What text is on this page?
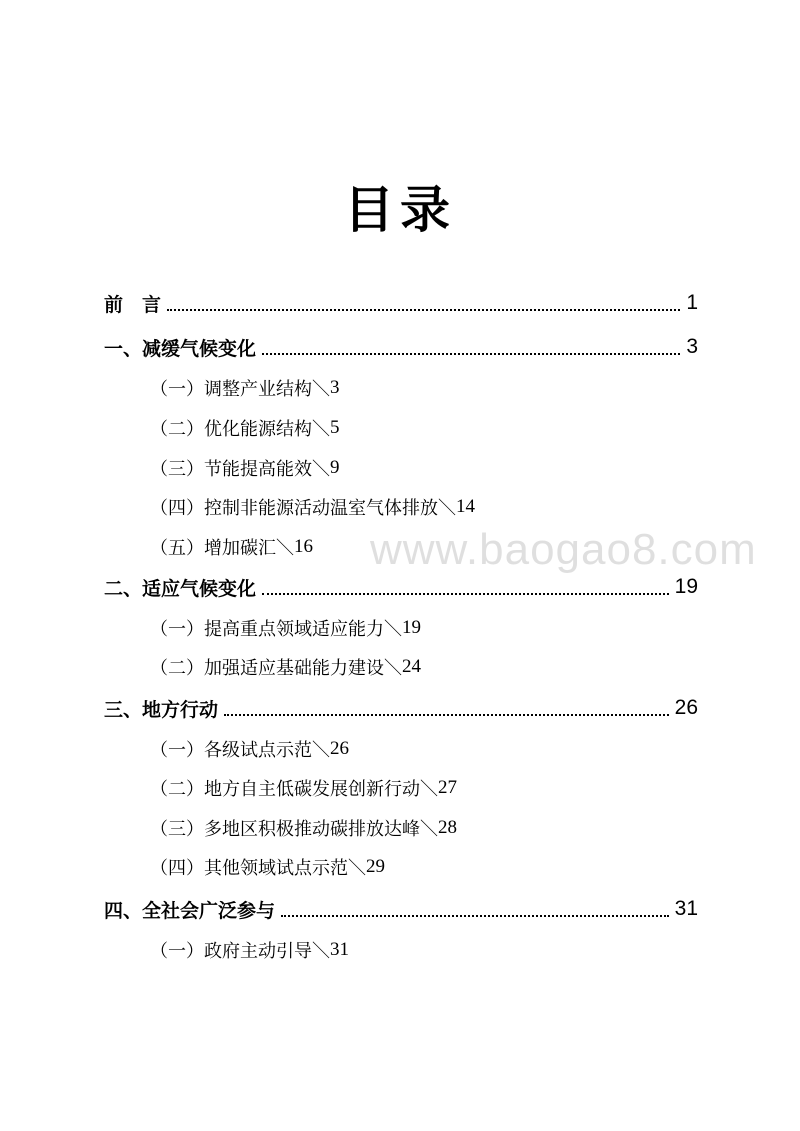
目录
www.baogao8.com
前　言	1
一、减缓气候变化	3
（一）调整产业结构＼ 3
（二）优化能源结构＼ 5
（三）节能提高能效＼ 9
（四）控制非能源活动温室气体排放＼ 14
（五）增加碳汇＼ 16
二、适应气候变化	19
（一）提高重点领域适应能力＼ 19
（二）加强适应基础能力建设＼ 24
三、地方行动	26
（一）各级试点示范＼ 26
（二）地方自主低碳发展创新行动＼ 27
（三）多地区积极推动碳排放达峰＼ 28
（四）其他领域试点示范＼ 29
四、全社会广泛参与	31
（一）政府主动引导＼ 31
